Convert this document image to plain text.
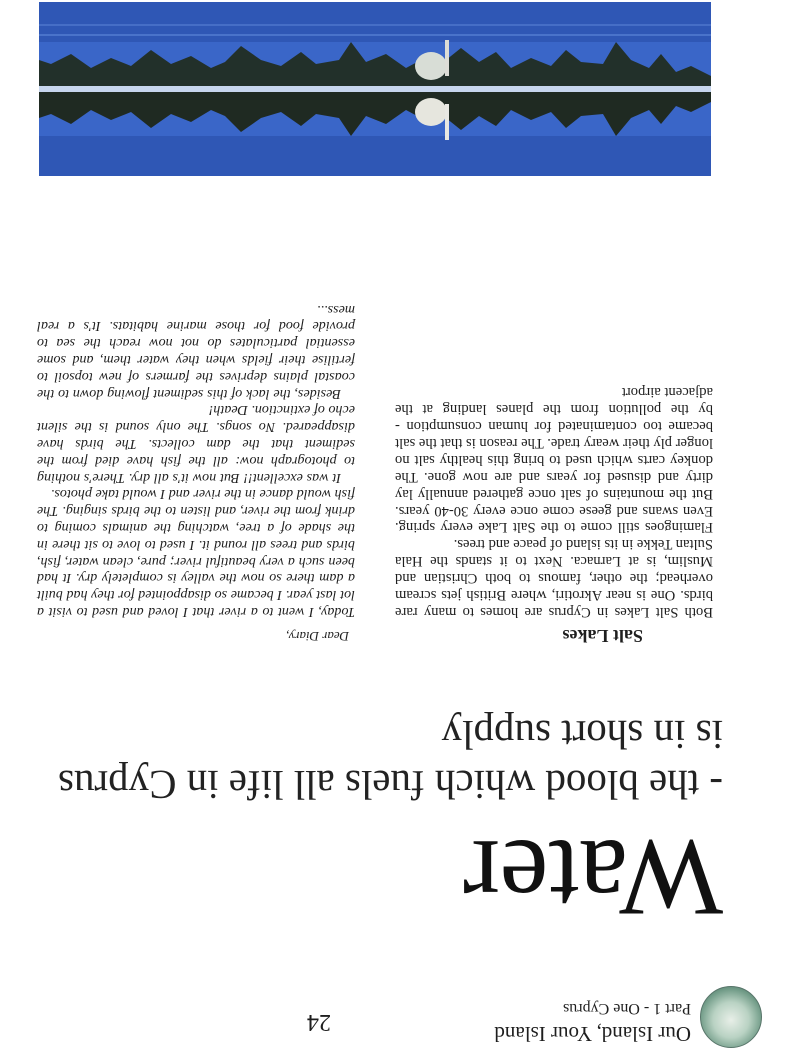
Both Salt Lakes in Cyprus are homes to many rare birds. One is near Akrotiri, where British jets scream overhead; the other, famous to both Christian and Muslim, is at Larnaca. Next to it stands the Hala Sultan Tekke in its island of peace and trees.

Flamingoes still come to the Salt Lake every spring. Even swans and geese come once every 30-40 years. But the mountains of salt once gathered annually lay dirty and disused for years and are now gone. The donkey carts which used to bring this healthy salt no longer ply their weary trade. The reason is that the salt became too contaminated for human consumption - by the pollution from the planes landing at the adjacent airport

Today, I went to a river that I loved and used to visit a lot last year. I became so disappointed for they had built a dam there so now the valley is completely dry. It had been such a very beautiful river; pure, clean water, fish, birds and trees all round it. I used to love to sit there in the shade of a tree, watching the animals coming to drink from the river, and listen to the birds singing. The fish would dance in the river and I would take photos.

It was excellent!! But now it's all dry. There's nothing to photograph now: all the fish have died from the sediment that the dam collects. The birds have disappeared. No songs. The only sound is the silent echo of extinction. Death!

Besides, the lack of this sediment flowing down to the coastal plains deprives the farmers of new topsoil to fertilise their fields when they water them, and some essential particulates do not now reach the sea to provide food for those marine habitats. It's a real mess...

Salt Lakes
Dear Diary,
- the blood which fuels all life in Cyprus
is in short supply
Water
24	Our Island, Your Island
Part 1 - One Cyprus
